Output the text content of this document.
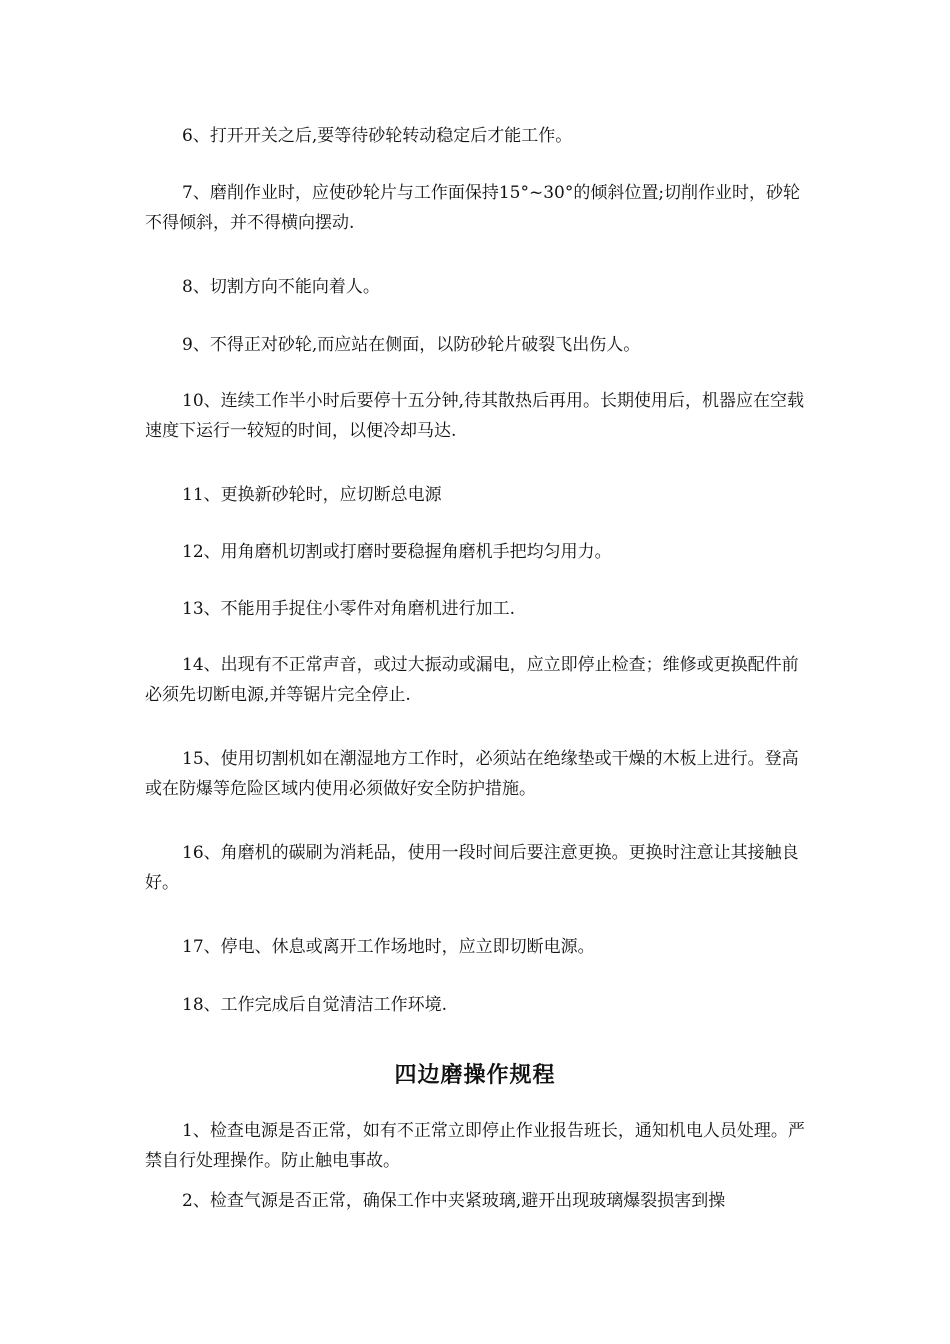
6、打开开关之后,要等待砂轮转动稳定后才能工作。

7、磨削作业时，应使砂轮片与工作面保持15°~30°的倾斜位置;切削作业时，砂轮不得倾斜，并不得横向摆动.

8、切割方向不能向着人。

9、不得正对砂轮,而应站在侧面，以防砂轮片破裂飞出伤人。

10、连续工作半小时后要停十五分钟,待其散热后再用。长期使用后，机器应在空载速度下运行一较短的时间，以便冷却马达.

11、更换新砂轮时，应切断总电源

12、用角磨机切割或打磨时要稳握角磨机手把均匀用力。

13、不能用手捉住小零件对角磨机进行加工.

14、出现有不正常声音，或过大振动或漏电，应立即停止检查；维修或更换配件前必须先切断电源,并等锯片完全停止.

15、使用切割机如在潮湿地方工作时，必须站在绝缘垫或干燥的木板上进行。登高或在防爆等危险区域内使用必须做好安全防护措施。

16、角磨机的碳刷为消耗品，使用一段时间后要注意更换。更换时注意让其接触良好。

17、停电、休息或离开工作场地时，应立即切断电源。

18、工作完成后自觉清洁工作环境.

四边磨操作规程

1、检查电源是否正常，如有不正常立即停止作业报告班长，通知机电人员处理。严禁自行处理操作。防止触电事故。

2、检查气源是否正常，确保工作中夹紧玻璃,避开出现玻璃爆裂损害到操
